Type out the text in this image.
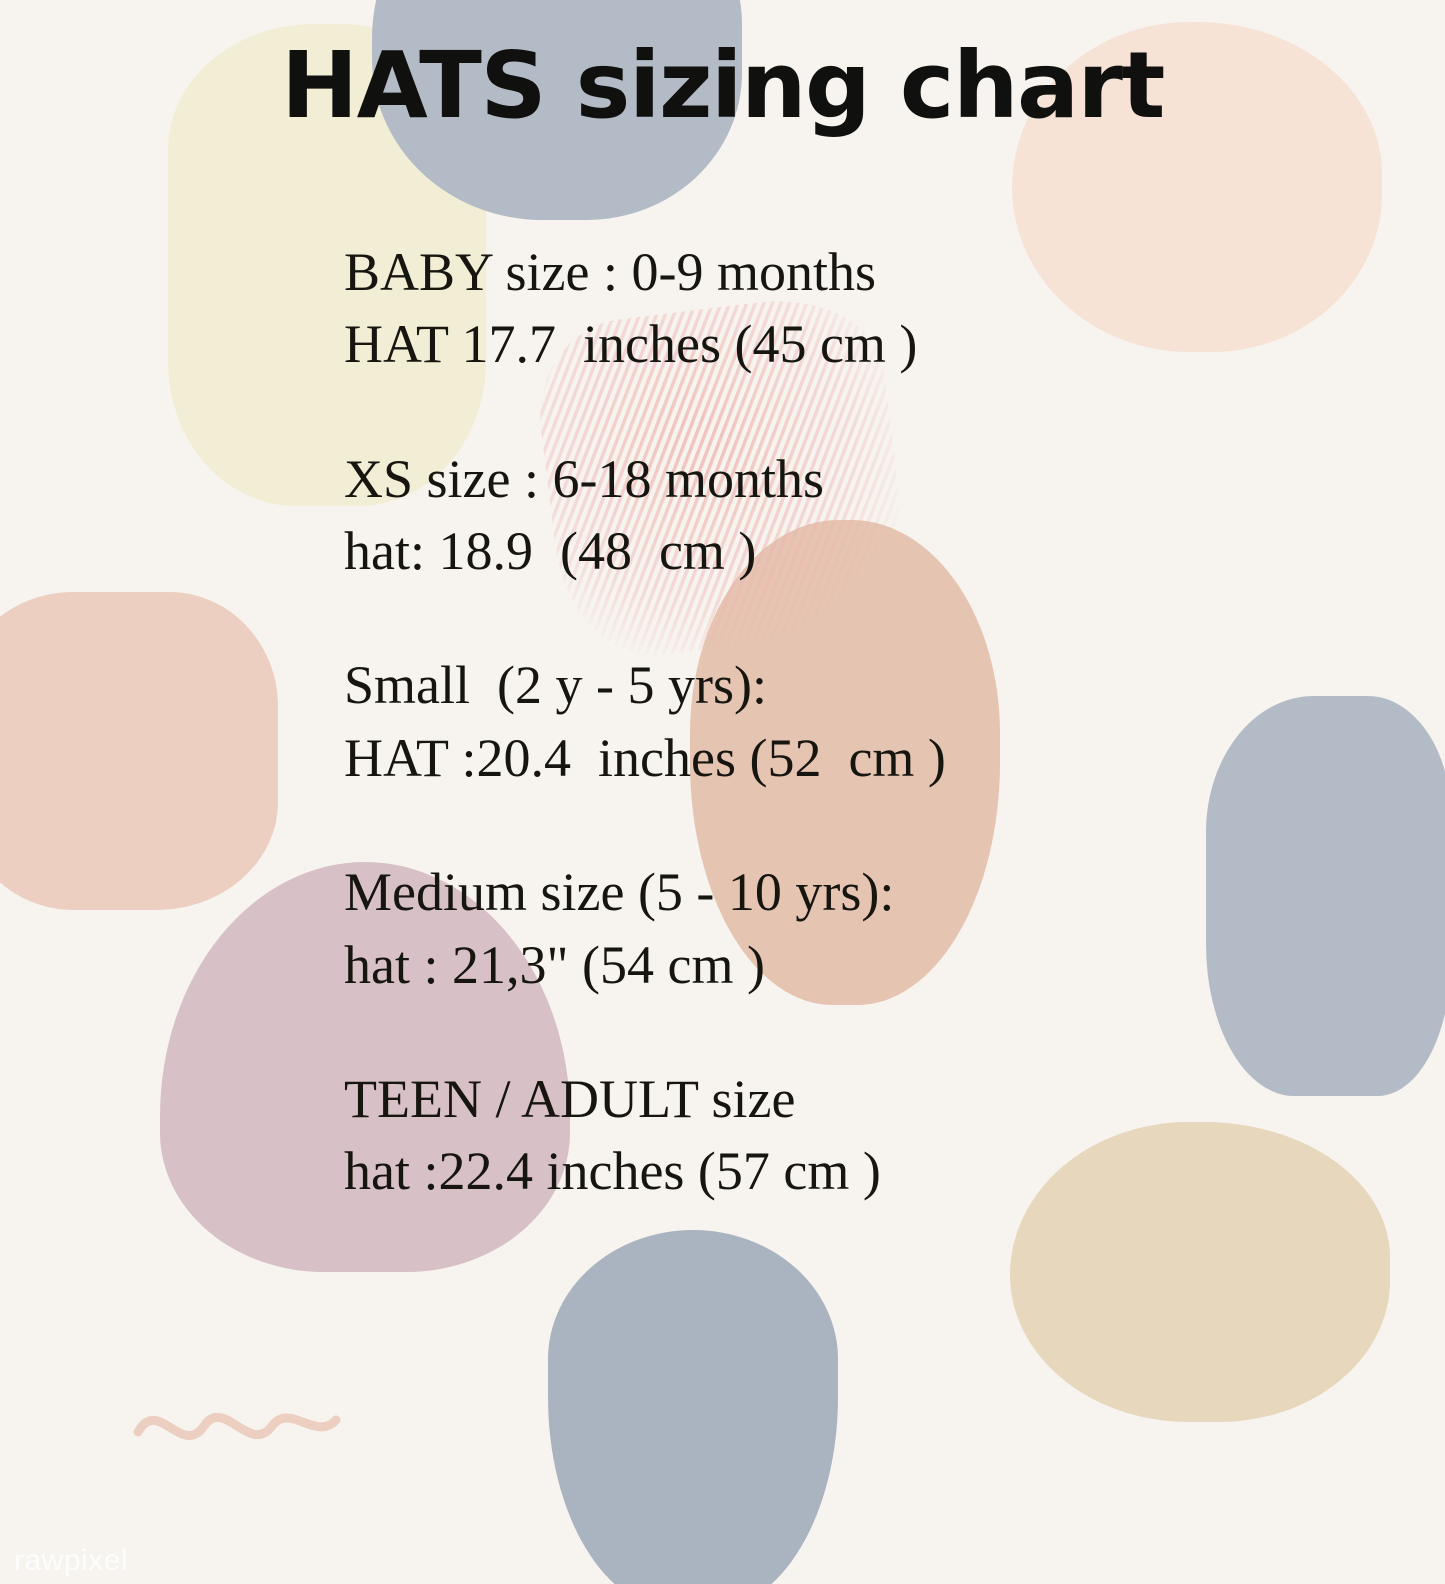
HATS sizing chart
BABY size : 0-9 months
HAT 17.7  inches (45 cm )
XS size : 6-18 months
hat: 18.9  (48  cm )
Small  (2 y - 5 yrs):
HAT :20.4  inches (52  cm )
Medium size (5 - 10 yrs):
hat : 21,3" (54 cm )
TEEN / ADULT size
hat :22.4 inches (57 cm )
rawpixel
